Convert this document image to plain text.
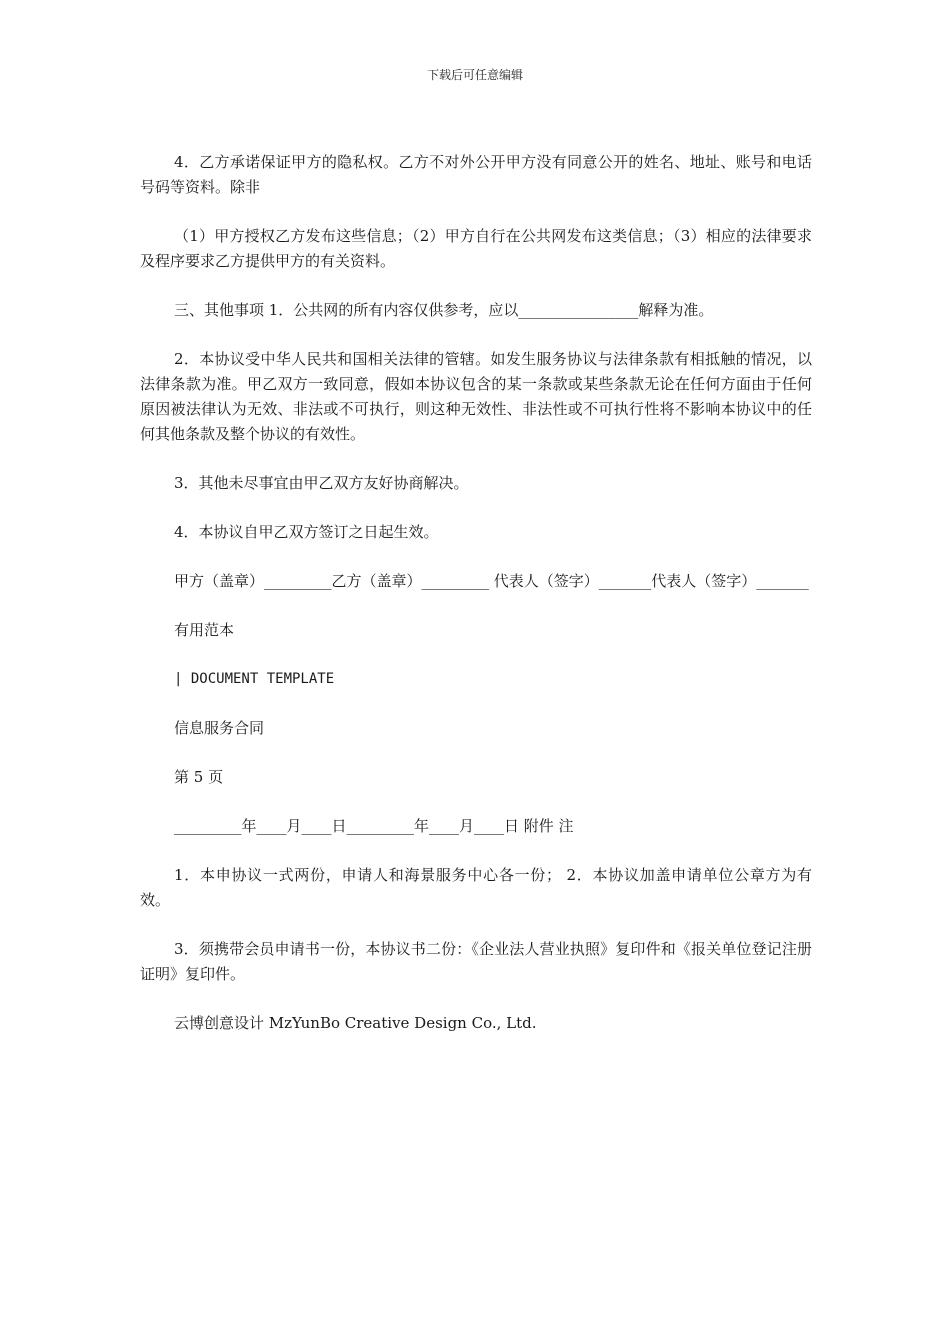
下载后可任意编辑

4．乙方承诺保证甲方的隐私权。乙方不对外公开甲方没有同意公开的姓名、地址、账号和电话号码等资料。除非

（1）甲方授权乙方发布这些信息；（2）甲方自行在公共网发布这类信息；（3）相应的法律要求及程序要求乙方提供甲方的有关资料。

三、其他事项 1．公共网的所有内容仅供参考，应以________________解释为准。

2．本协议受中华人民共和国相关法律的管辖。如发生服务协议与法律条款有相抵触的情况，以法律条款为准。甲乙双方一致同意，假如本协议包含的某一条款或某些条款无论在任何方面由于任何原因被法律认为无效、非法或不可执行，则这种无效性、非法性或不可执行性将不影响本协议中的任何其他条款及整个协议的有效性。

3．其他未尽事宜由甲乙双方友好协商解决。

4．本协议自甲乙双方签订之日起生效。

甲方（盖章）_________乙方（盖章）_________ 代表人（签字）_______代表人（签字）_______

有用范本

| DOCUMENT TEMPLATE

信息服务合同

第 5 页

_________年____月____日_________年____月____日 附件 注

1．本申协议一式两份，申请人和海景服务中心各一份； 2．本协议加盖申请单位公章方为有效。

3．须携带会员申请书一份，本协议书二份：《企业法人营业执照》复印件和《报关单位登记注册证明》复印件。

云博创意设计 MzYunBo Creative Design Co., Ltd.
